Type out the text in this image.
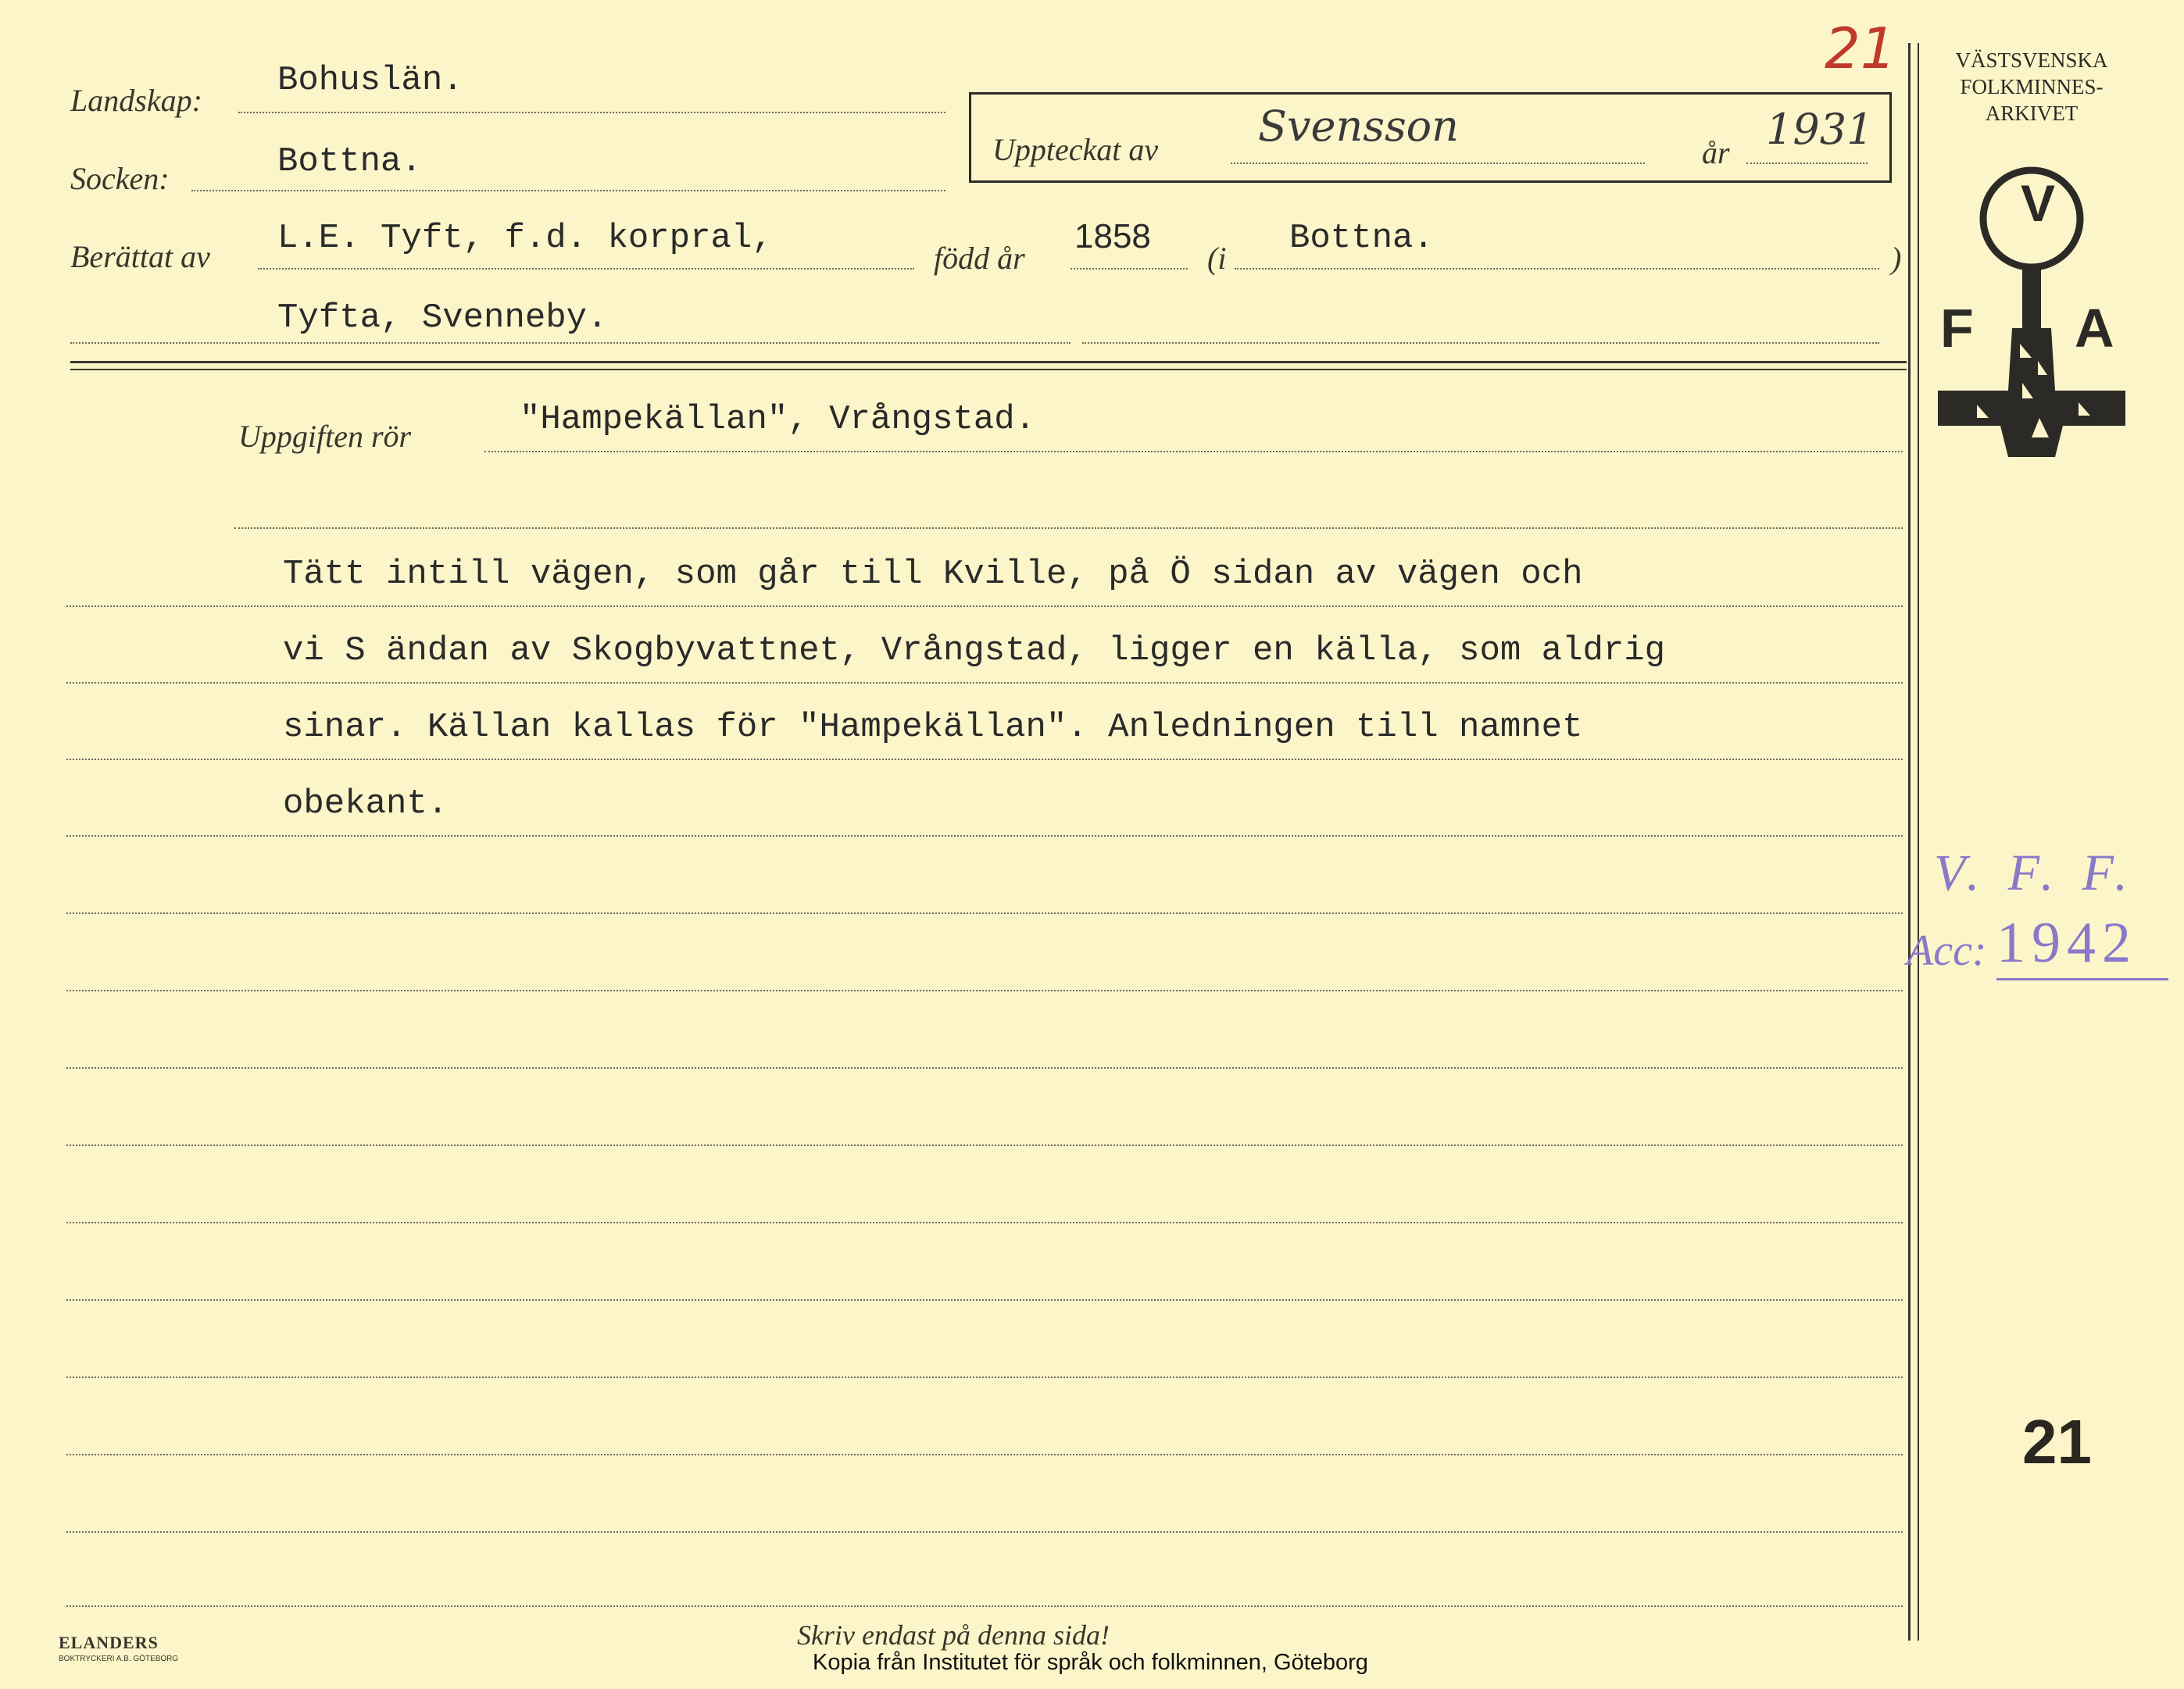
21
Landskap:
Bohuslän.
Socken:	Bottna.	Uppteckat av Svensson
år 1931
Berättat av L.E. Tyft, f.d. korpral,
född år
1858
(i
Bottna.
)
Tyfta, Svenneby.
Uppgiften rör	"Hampekällan", Vrångstad.
Tätt intill vägen, som går till Kville, på Ö sidan av vägen och
vi S ändan av Skogbyvattnet, Vrångstad, ligger en källa, som aldrig
sinar. Källan kallas för "Hampekällan". Anledningen till namnet
obekant.
VÄSTSVENSKA
FOLKMINNES-
ARKIVET
V
F A
V. F. F.
Acc: 1942
21
ELANDERS
BOKTRYCKERI A.B. GÖTEBORG
Skriv endast på denna sida!
Kopia från Institutet för språk och folkminnen, Göteborg
